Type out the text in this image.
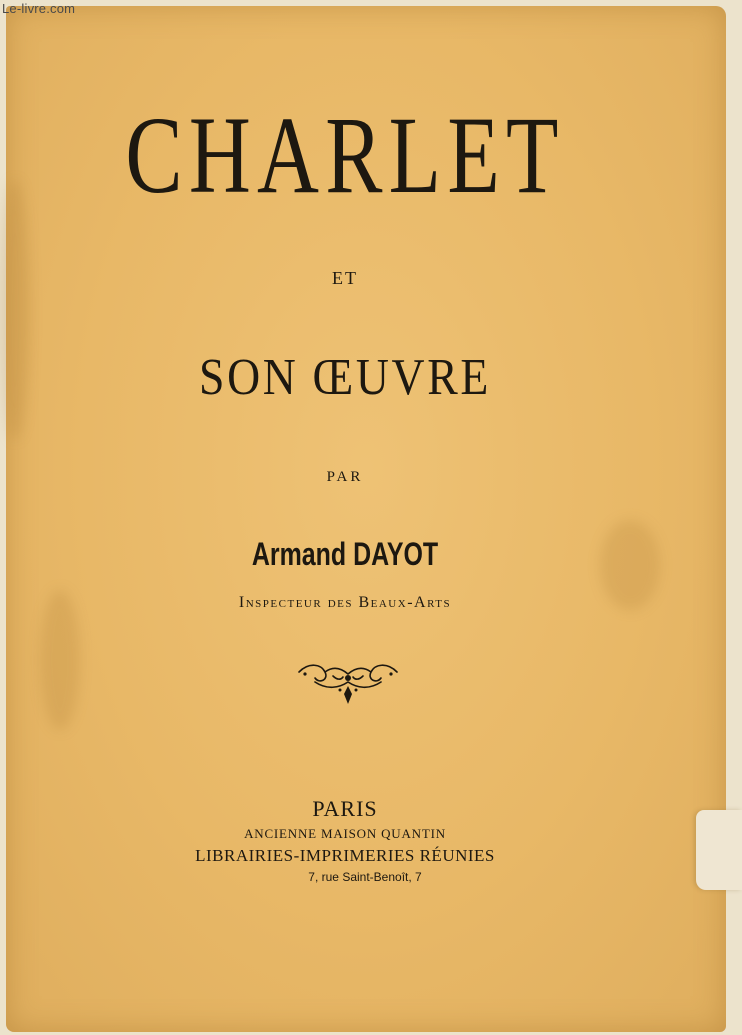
Le-livre.com
CHARLET
ET
SON ŒUVRE
PAR
Armand DAYOT
Inspecteur des Beaux-Arts
PARIS
ANCIENNE MAISON QUANTIN
LIBRAIRIES-IMPRIMERIES RÉUNIES
7, rue Saint-Benoît, 7
